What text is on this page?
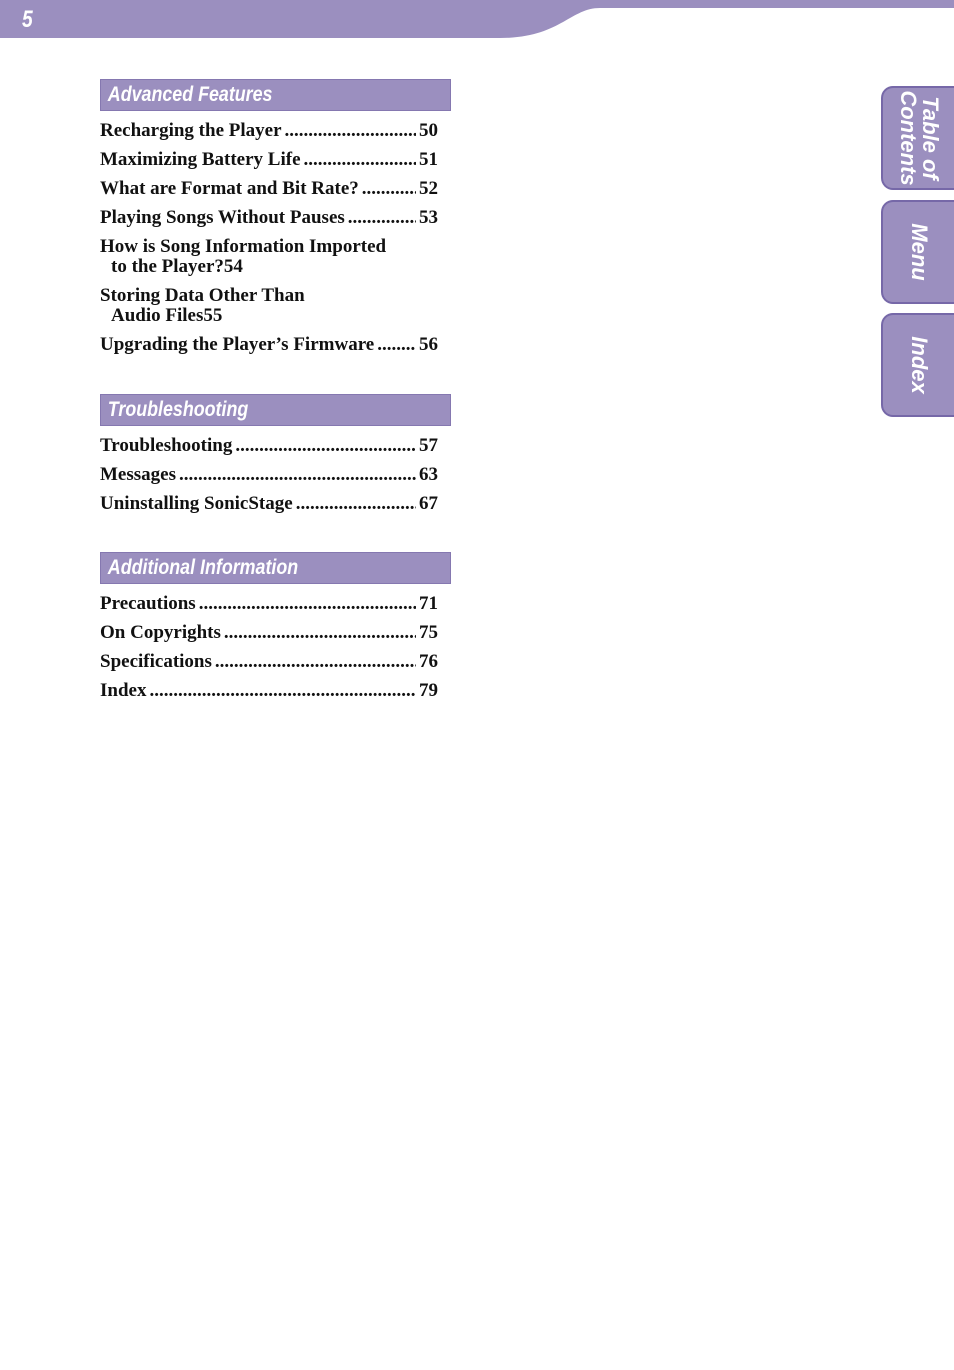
5
Advanced Features
Recharging the Player .....	50
Maximizing Battery Life .....	51
What are Format and Bit Rate? .....	52
Playing Songs Without Pauses .....	53
How is Song Information Imported
to the Player? 54
Storing Data Other Than
Audio Files 55
Upgrading the Player’s Firmware ..... 56
Troubleshooting
Troubleshooting .....	57
Messages .....	63
Uninstalling SonicStage .....	67
Additional Information
Precautions .....	71
On Copyrights .....	75
Specifications .....	76
Index .....	79
Table of
Contents
Menu
Index
